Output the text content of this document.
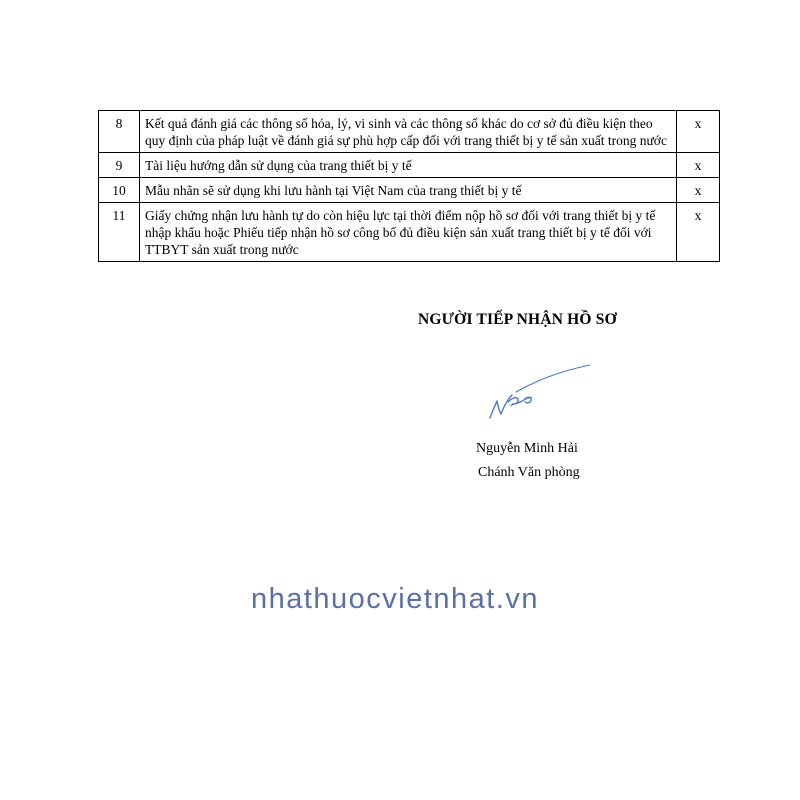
8	Kết quả đánh giá các thông số hóa, lý, vi sinh và các thông số khác do cơ sở đủ điều kiện theo quy định của pháp luật về đánh giá sự phù hợp cấp đối với trang thiết bị y tế sản xuất trong nước	x
9	Tài liệu hướng dẫn sử dụng của trang thiết bị y tế	x
10	Mẫu nhãn sẽ sử dụng khi lưu hành tại Việt Nam của trang thiết bị y tế	x
11	Giấy chứng nhận lưu hành tự do còn hiệu lực tại thời điểm nộp hồ sơ đối với trang thiết bị y tế nhập khẩu hoặc Phiếu tiếp nhận hồ sơ công bố đủ điều kiện sản xuất trang thiết bị y tế đối với TTBYT sản xuất trong nước	x
NGƯỜI TIẾP NHẬN HỒ SƠ
Nguyễn Minh Hải
Chánh Văn phòng
nhathuocvietnhat.vn
